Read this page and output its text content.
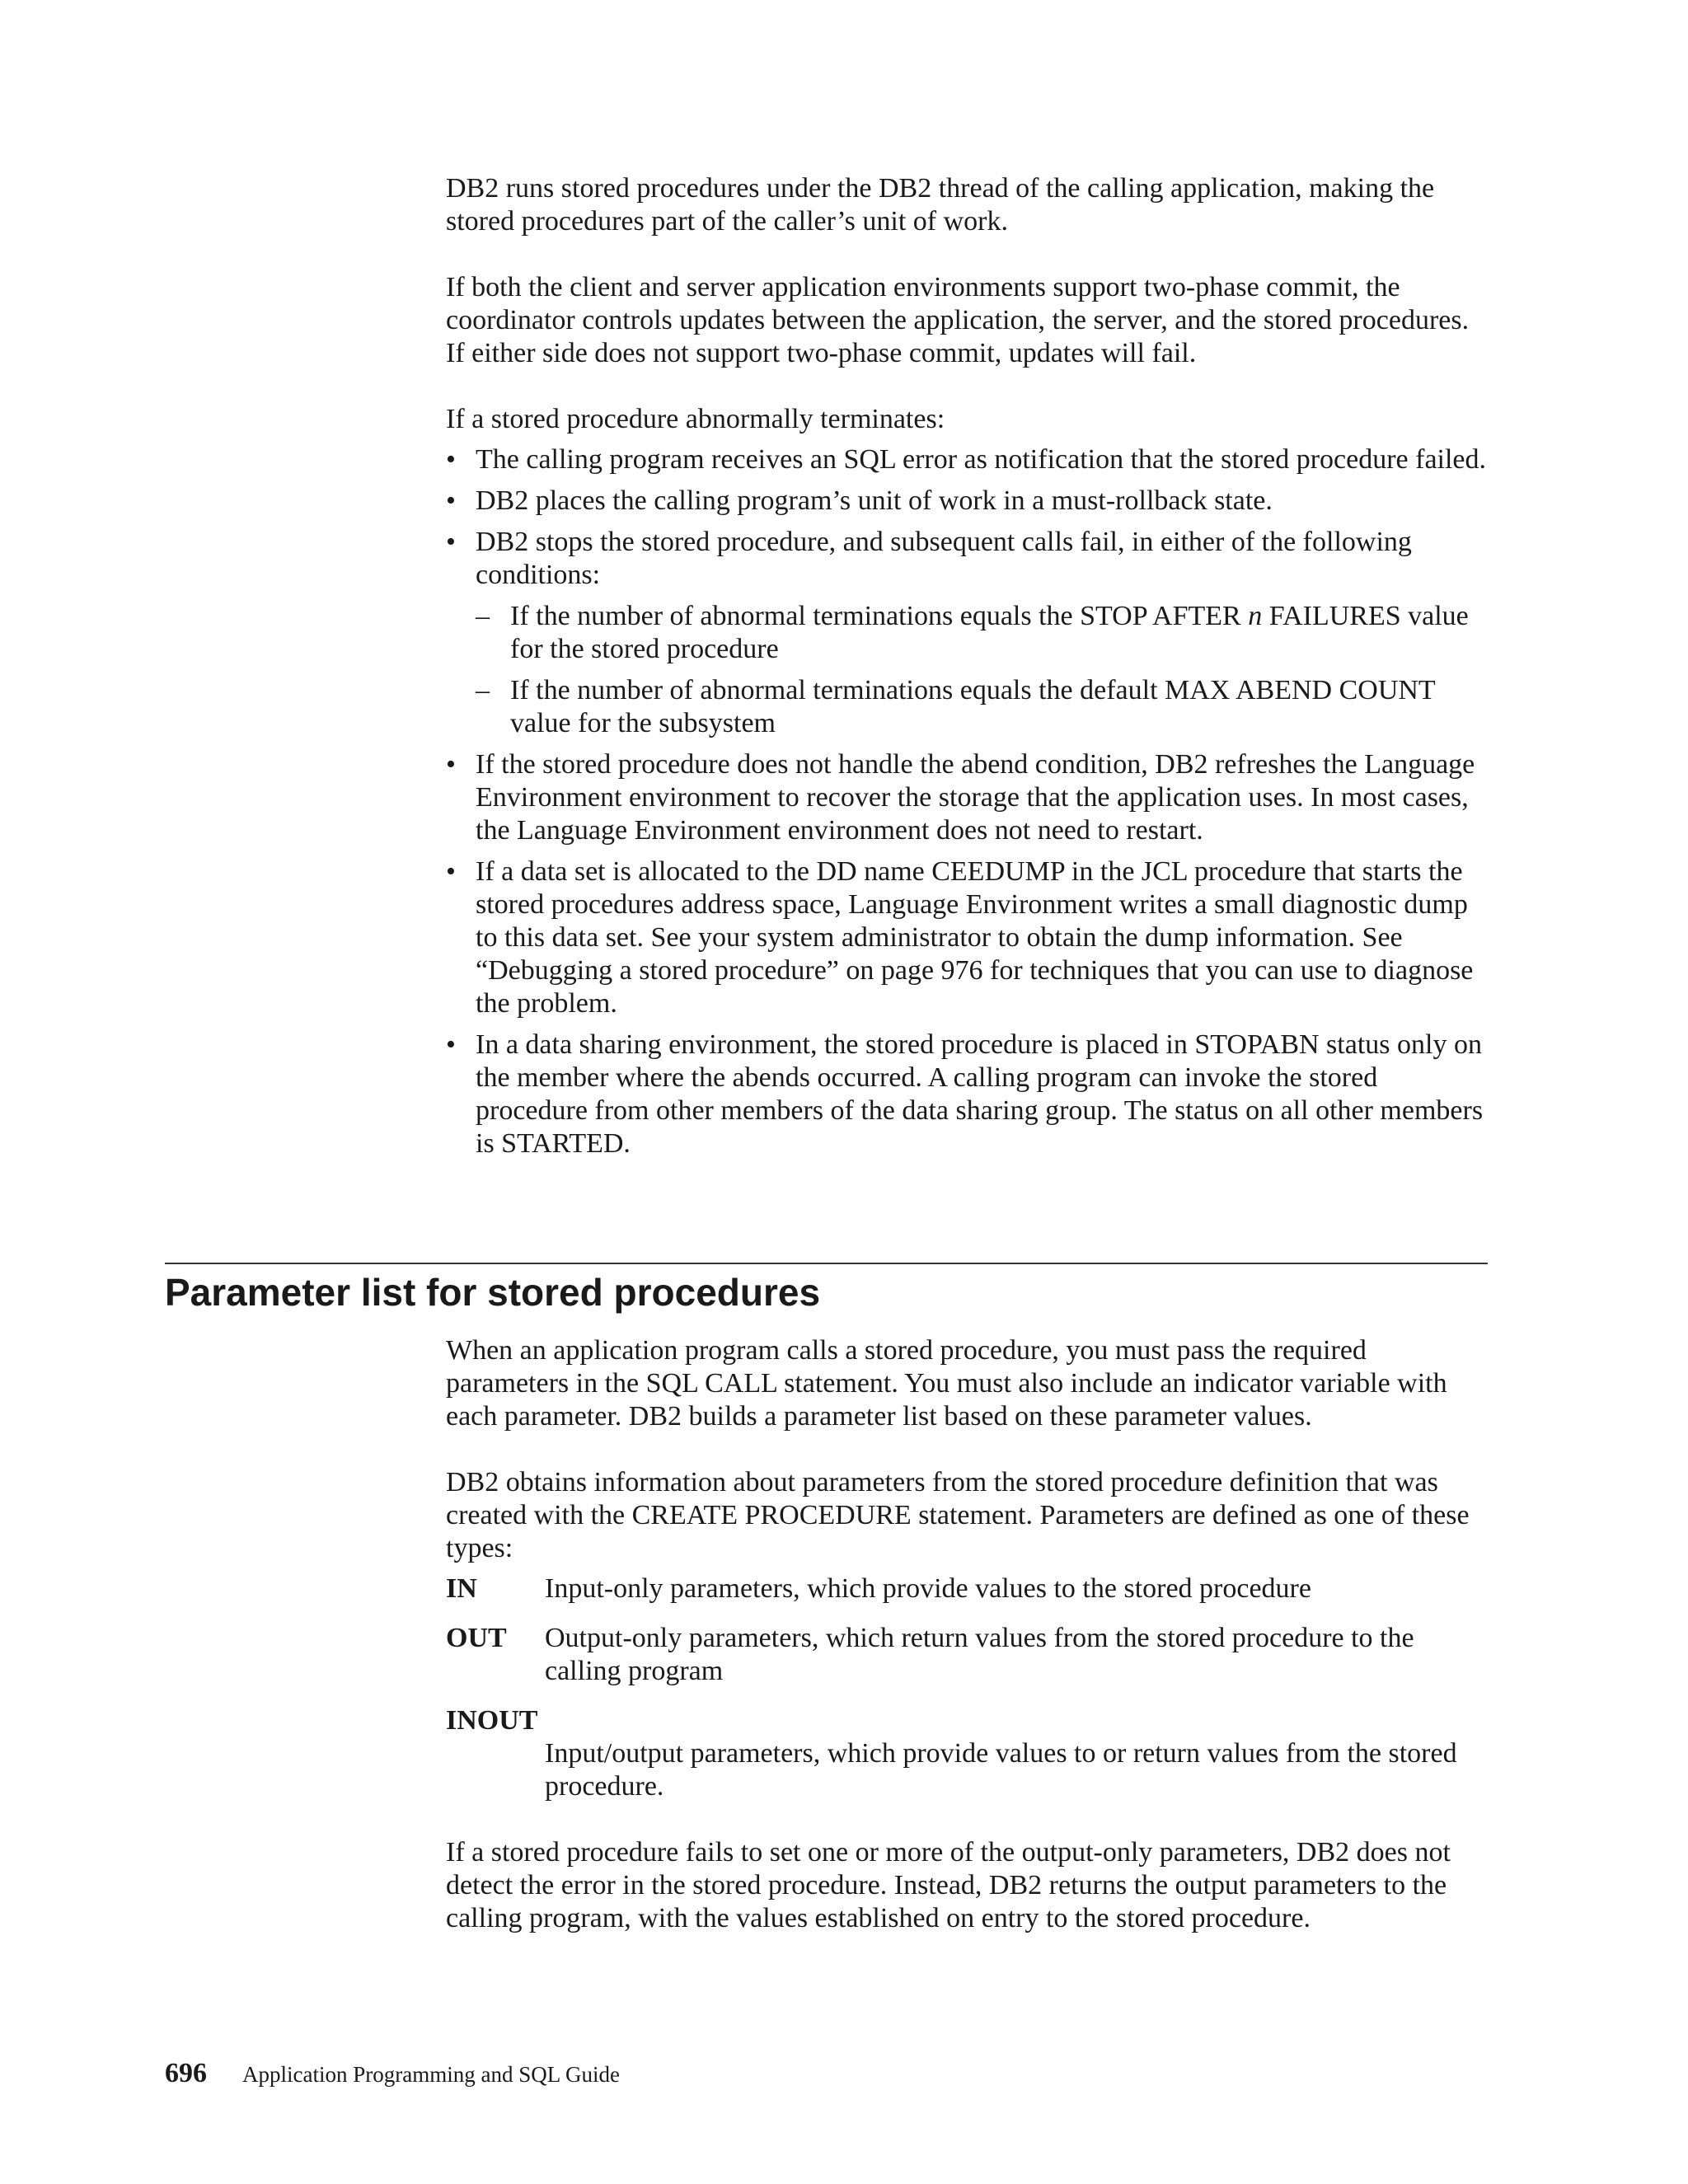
DB2 runs stored procedures under the DB2 thread of the calling application, making the stored procedures part of the caller’s unit of work.

If both the client and server application environments support two-phase commit, the coordinator controls updates between the application, the server, and the stored procedures. If either side does not support two-phase commit, updates will fail.

If a stored procedure abnormally terminates:

• The calling program receives an SQL error as notification that the stored procedure failed.
• DB2 places the calling program’s unit of work in a must-rollback state.
• DB2 stops the stored procedure, and subsequent calls fail, in either of the following conditions:
– If the number of abnormal terminations equals the STOP AFTER n FAILURES value for the stored procedure
– If the number of abnormal terminations equals the default MAX ABEND COUNT value for the subsystem
• If the stored procedure does not handle the abend condition, DB2 refreshes the Language Environment environment to recover the storage that the application uses. In most cases, the Language Environment environment does not need to restart.
• If a data set is allocated to the DD name CEEDUMP in the JCL procedure that starts the stored procedures address space, Language Environment writes a small diagnostic dump to this data set. See your system administrator to obtain the dump information. See “Debugging a stored procedure” on page 976 for techniques that you can use to diagnose the problem.
• In a data sharing environment, the stored procedure is placed in STOPABN status only on the member where the abends occurred. A calling program can invoke the stored procedure from other members of the data sharing group. The status on all other members is STARTED.
Parameter list for stored procedures

When an application program calls a stored procedure, you must pass the required parameters in the SQL CALL statement. You must also include an indicator variable with each parameter. DB2 builds a parameter list based on these parameter values.

DB2 obtains information about parameters from the stored procedure definition that was created with the CREATE PROCEDURE statement. Parameters are defined as one of these types:

IN	Input-only parameters, which provide values to the stored procedure
OUT	Output-only parameters, which return values from the stored procedure to the calling program
INOUT
Input/output parameters, which provide values to or return values from the stored procedure.

If a stored procedure fails to set one or more of the output-only parameters, DB2 does not detect the error in the stored procedure. Instead, DB2 returns the output parameters to the calling program, with the values established on entry to the stored procedure.

696 Application Programming and SQL Guide
